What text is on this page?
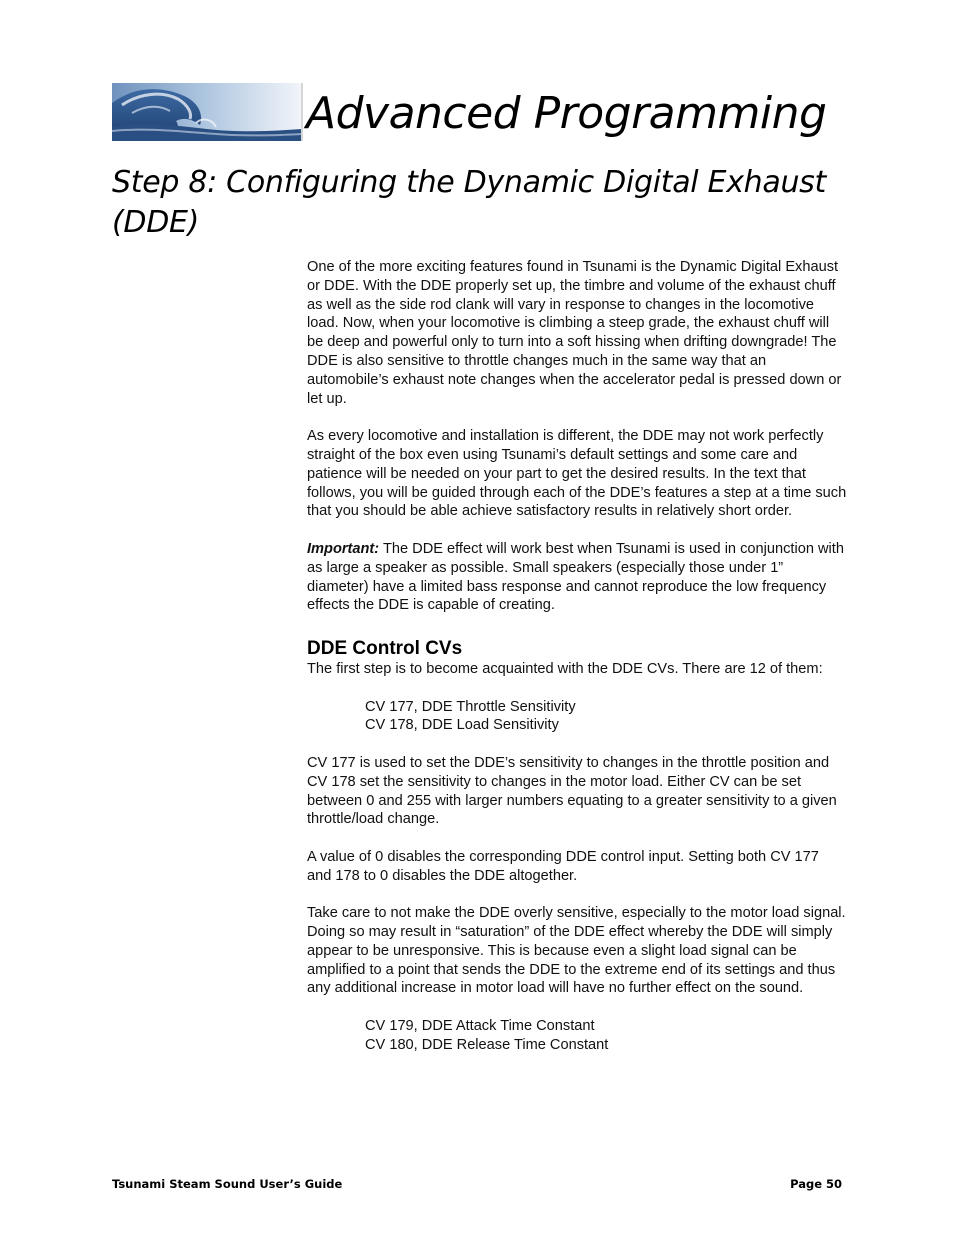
Advanced Programming
Step 8: Configuring the Dynamic Digital Exhaust (DDE)

One of the more exciting features found in Tsunami is the Dynamic Digital Exhaust or DDE. With the DDE properly set up, the timbre and volume of the exhaust chuff as well as the side rod clank will vary in response to changes in the locomotive load. Now, when your locomotive is climbing a steep grade, the exhaust chuff will be deep and powerful only to turn into a soft hissing when drifting downgrade! The DDE is also sensitive to throttle changes much in the same way that an automobile’s exhaust note changes when the accelerator pedal is pressed down or let up.

As every locomotive and installation is different, the DDE may not work perfectly straight of the box even using Tsunami’s default settings and some care and patience will be needed on your part to get the desired results. In the text that follows, you will be guided through each of the DDE’s features a step at a time such that you should be able achieve satisfactory results in relatively short order.

Important: The DDE effect will work best when Tsunami is used in conjunction with as large a speaker as possible. Small speakers (especially those under 1” diameter) have a limited bass response and cannot reproduce the low frequency effects the DDE is capable of creating.

DDE Control CVs

The first step is to become acquainted with the DDE CVs. There are 12 of them:

CV 177, DDE Throttle Sensitivity
CV 178, DDE Load Sensitivity

CV 177 is used to set the DDE’s sensitivity to changes in the throttle position and CV 178 set the sensitivity to changes in the motor load. Either CV can be set between 0 and 255 with larger numbers equating to a greater sensitivity to a given throttle/load change.

A value of 0 disables the corresponding DDE control input. Setting both CV 177 and 178 to 0 disables the DDE altogether.

Take care to not make the DDE overly sensitive, especially to the motor load signal. Doing so may result in “saturation” of the DDE effect whereby the DDE will simply appear to be unresponsive. This is because even a slight load signal can be amplified to a point that sends the DDE to the extreme end of its settings and thus any additional increase in motor load will have no further effect on the sound.

CV 179, DDE Attack Time Constant
CV 180, DDE Release Time Constant
Tsunami Steam Sound User’s Guide	Page 50
